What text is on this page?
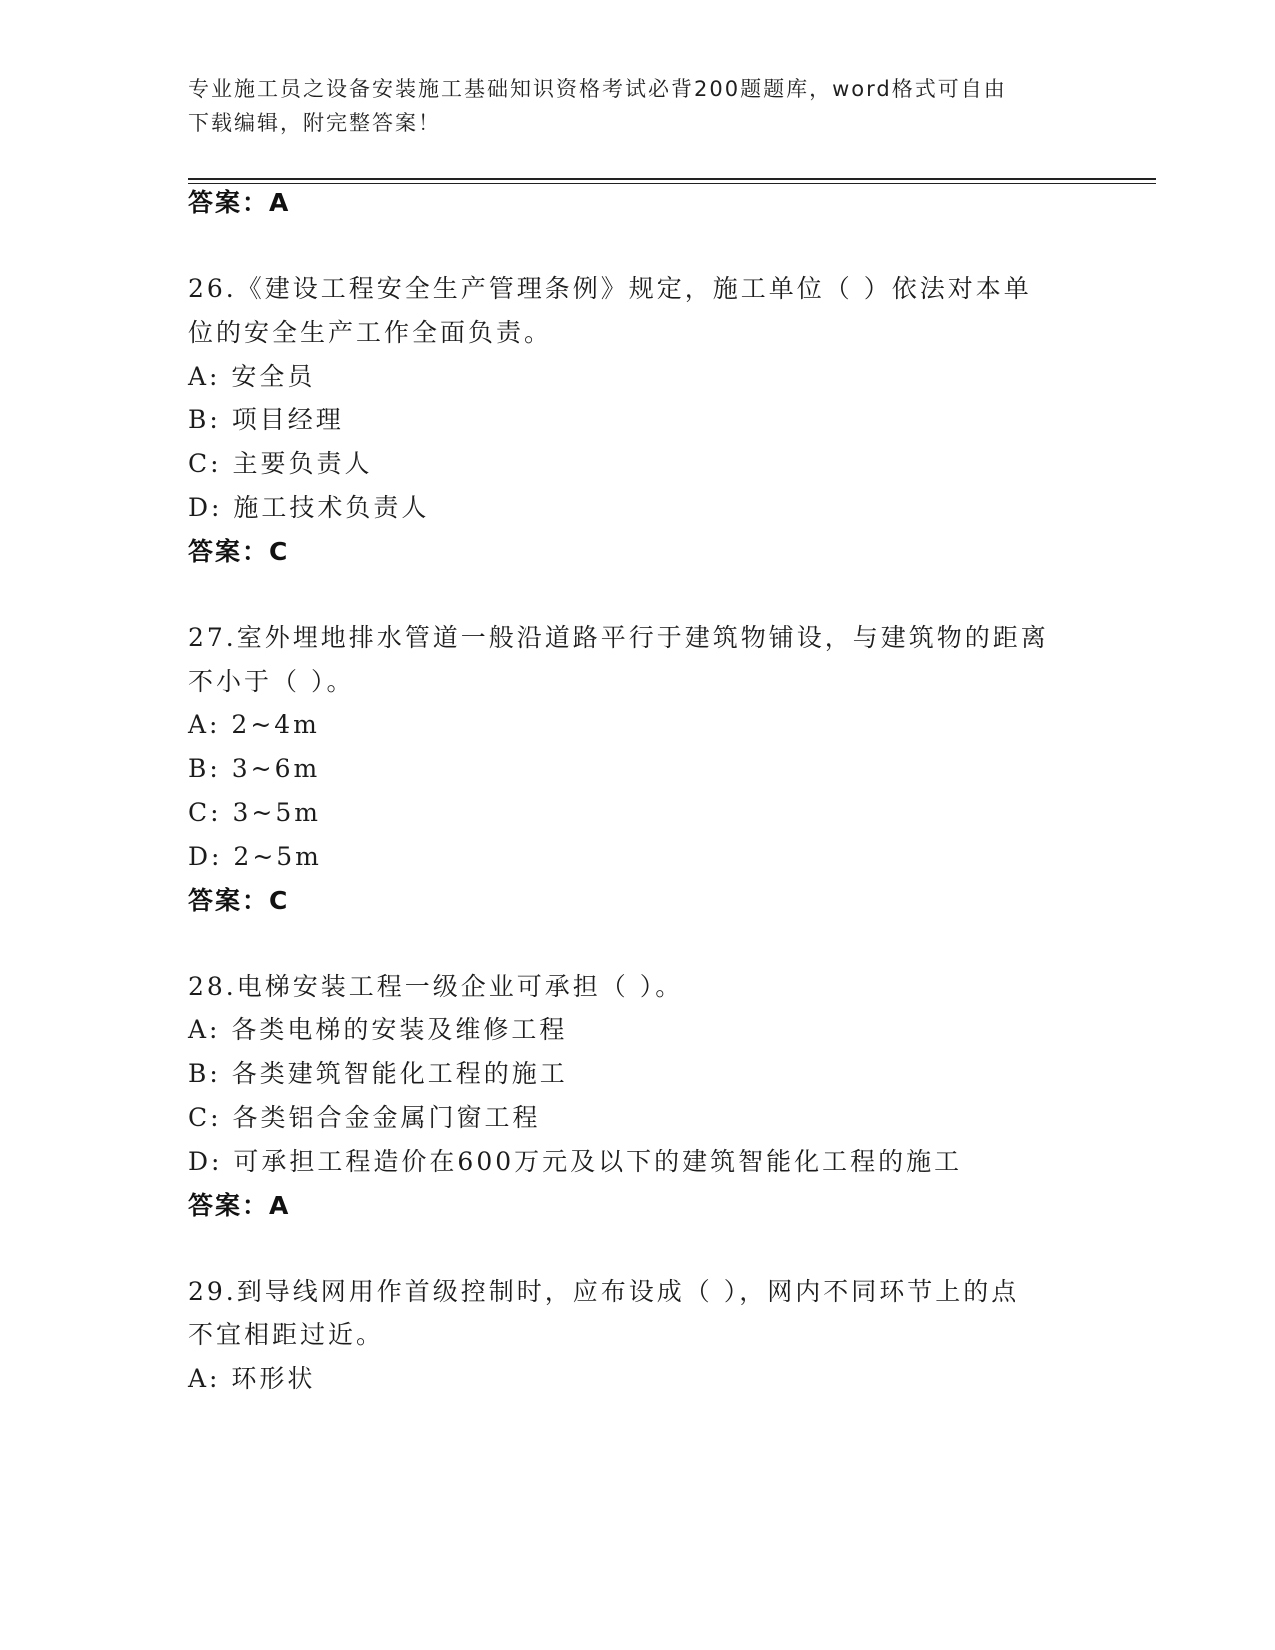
专业施工员之设备安装施工基础知识资格考试必背200题题库，word格式可自由
下载编辑，附完整答案！
答案：A
26.《建设工程安全生产管理条例》规定，施工单位（ ）依法对本单
位的安全生产工作全面负责。
A: 安全员
B: 项目经理
C: 主要负责人
D: 施工技术负责人
答案：C
27.室外埋地排水管道一般沿道路平行于建筑物铺设，与建筑物的距离
不小于（ ）。
A: 2~4m
B: 3~6m
C: 3~5m
D: 2~5m
答案：C
28.电梯安装工程一级企业可承担（ ）。
A: 各类电梯的安装及维修工程
B: 各类建筑智能化工程的施工
C: 各类铝合金金属门窗工程
D: 可承担工程造价在600万元及以下的建筑智能化工程的施工
答案：A
29.到导线网用作首级控制时，应布设成（ ），网内不同环节上的点
不宜相距过近。
A: 环形状
